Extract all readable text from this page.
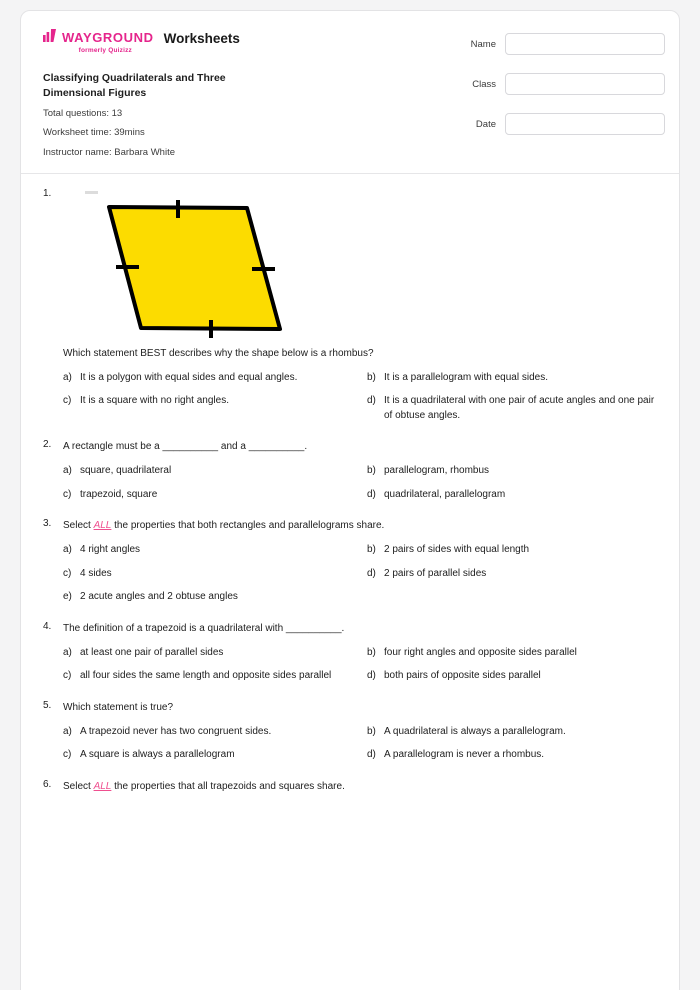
WAYGROUND
formerly Quizizz
Worksheets
Classifying Quadrilaterals and Three Dimensional Figures
Total questions: 13
Worksheet time: 39mins
Instructor name: Barbara White
Name
Class
Date
1.
Which statement BEST describes why the shape below is a rhombus?
a) It is a polygon with equal sides and equal angles.	b) It is a parallelogram with equal sides.
c) It is a square with no right angles.	d) It is a quadrilateral with one pair of acute angles and one pair of obtuse angles.
2. A rectangle must be a __________ and a __________.
a) square, quadrilateral	b) parallelogram, rhombus
c) trapezoid, square	d) quadrilateral, parallelogram
3. Select ALL the properties that both rectangles and parallelograms share.
a) 4 right angles	b) 2 pairs of sides with equal length
c) 4 sides	d) 2 pairs of parallel sides
e) 2 acute angles and 2 obtuse angles
4. The definition of a trapezoid is a quadrilateral with __________.
a) at least one pair of parallel sides	b) four right angles and opposite sides parallel
c) all four sides the same length and opposite sides parallel	d) both pairs of opposite sides parallel
5. Which statement is true?
a) A trapezoid never has two congruent sides.	b) A quadrilateral is always a parallelogram.
c) A square is always a parallelogram	d) A parallelogram is never a rhombus.
6. Select ALL the properties that all trapezoids and squares share.
